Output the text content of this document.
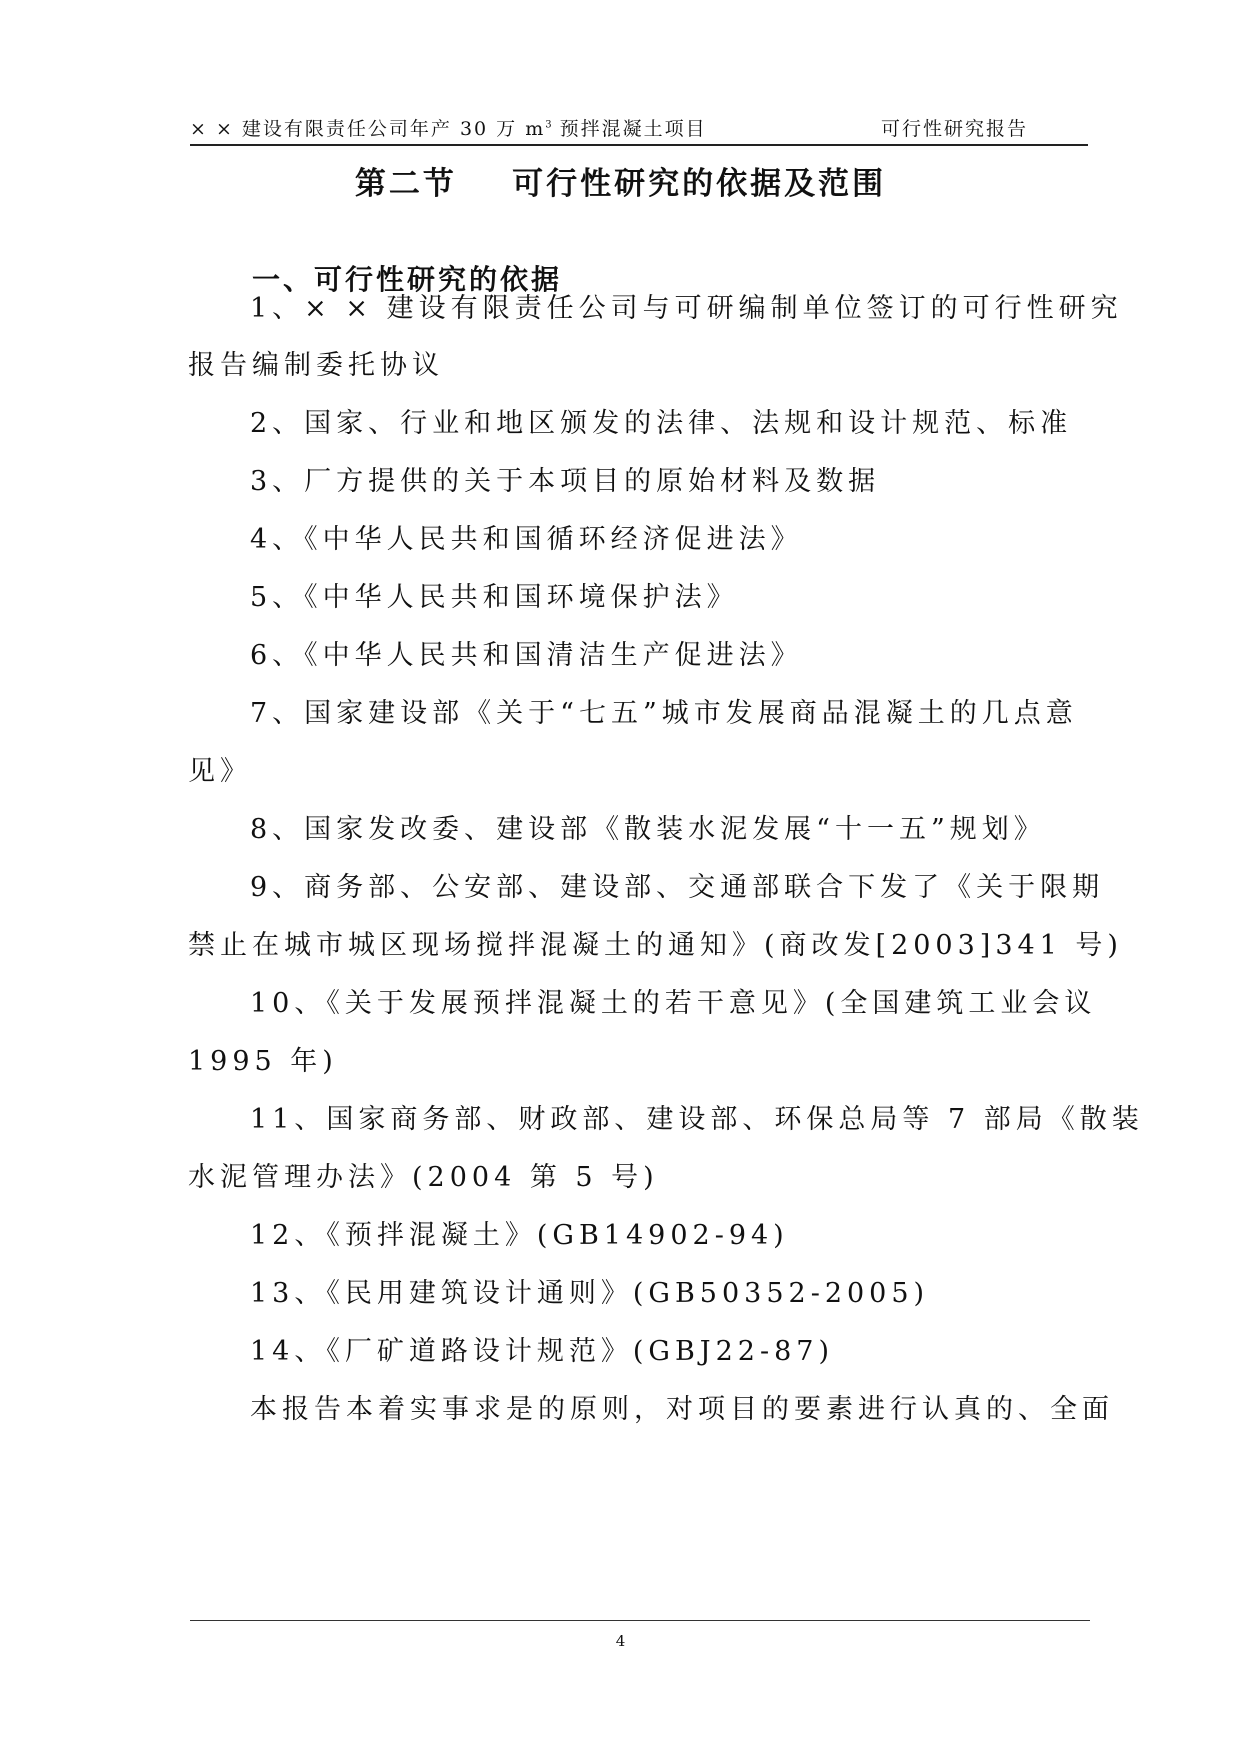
× × 建设有限责任公司年产 30 万 $m^3$ 预拌混凝土项目	可行性研究报告
第二节    可行性研究的依据及范围
一、可行性研究的依据
1、× × 建设有限责任公司与可研编制单位签订的可行性研究
报告编制委托协议
2、国家、行业和地区颁发的法律、法规和设计规范、标准
3、厂方提供的关于本项目的原始材料及数据
4、《中华人民共和国循环经济促进法》
5、《中华人民共和国环境保护法》
6、《中华人民共和国清洁生产促进法》
7、国家建设部《关于“七五”城市发展商品混凝土的几点意
见》
8、国家发改委、建设部《散装水泥发展“十一五”规划》
9、商务部、公安部、建设部、交通部联合下发了《关于限期
禁止在城市城区现场搅拌混凝土的通知》(商改发[2003]341 号)
10、《关于发展预拌混凝土的若干意见》(全国建筑工业会议
1995 年)
11、国家商务部、财政部、建设部、环保总局等 7 部局《散装
水泥管理办法》(2004 第 5 号)
12、《预拌混凝土》(GB14902-94)
13、《民用建筑设计通则》(GB50352-2005)
14、《厂矿道路设计规范》(GBJ22-87)
本报告本着实事求是的原则，对项目的要素进行认真的、全面
4
